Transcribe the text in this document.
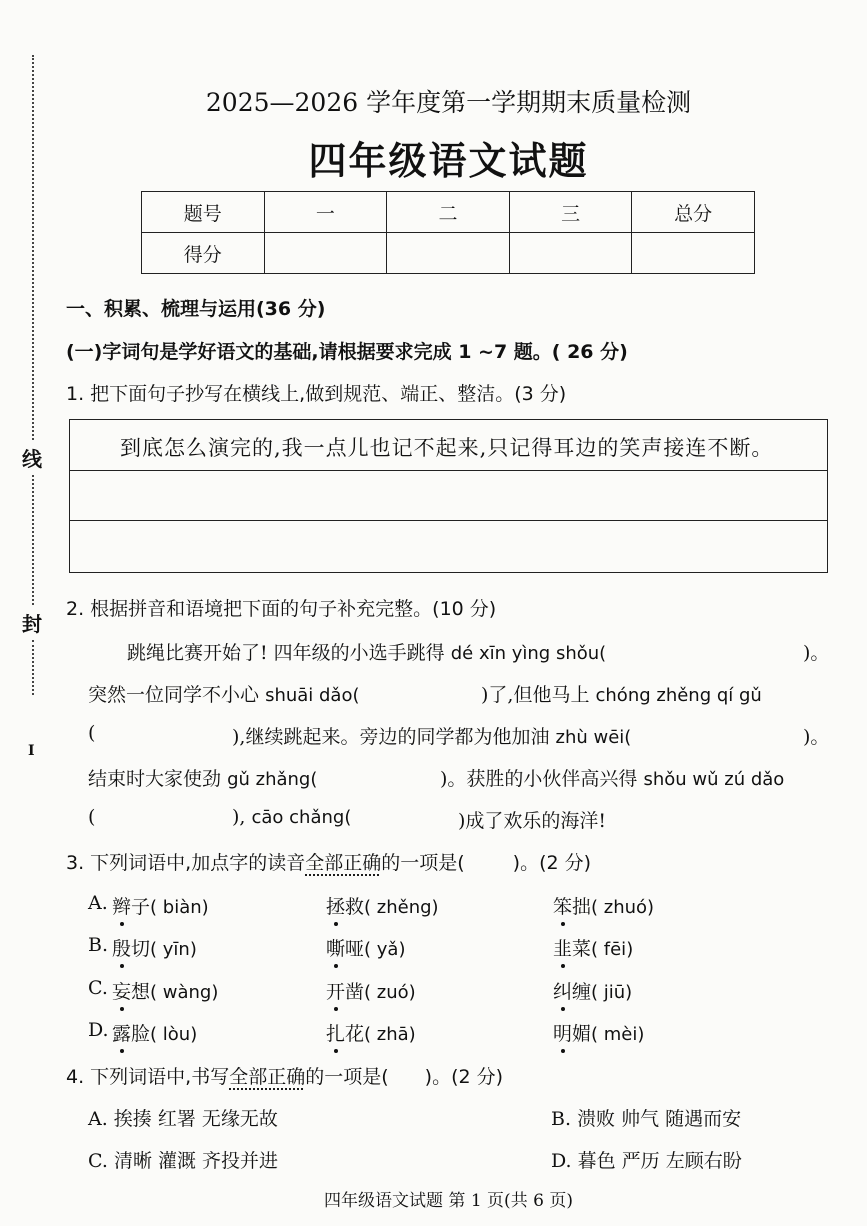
线
封
I
2025—2026 学年度第一学期期末质量检测
四年级语文试题
题号	一	二	三	总分
得分				
一、积累、梳理与运用(36 分)
(一)字词句是学好语文的基础,请根据要求完成 1 ~7 题。( 26 分)
1. 把下面句子抄写在横线上,做到规范、端正、整洁。(3 分)
到底怎么演完的,我一点儿也记不起来,只记得耳边的笑声接连不断。
2. 根据拼音和语境把下面的句子补充完整。(10 分)
跳绳比赛开始了! 四年级的小选手跳得 dé xīn yìng shǒu(	)。
突然一位同学不小心 shuāi dǎo(	)了,但他马上 chóng zhěng qí gǔ
(	),继续跳起来。旁边的同学都为他加油 zhù wēi(	)。
结束时大家使劲 gǔ zhǎng(	)。获胜的小伙伴高兴得 shǒu wǔ zú dǎo
(	), cāo chǎng(	)成了欢乐的海洋!
3. 下列词语中,加点字的读音全部正确的一项是(	)。(2 分)
A. 辫子( biàn)	拯救( zhěng)	笨拙( zhuó)
B. 殷切( yīn)	嘶哑( yǎ)	韭菜( fēi)
C. 妄想( wàng)	开凿( zuó)	纠缠( jiū)
D. 露脸( lòu)	扎花( zhā)	明媚( mèi)
4. 下列词语中,书写全部正确的一项是( )。(2 分)
A. 挨揍 红署 无缘无故	B. 溃败 帅气 随遇而安
C. 清晰 灌溉 齐投并进	D. 暮色 严历 左顾右盼
四年级语文试题 第 1 页(共 6 页)
